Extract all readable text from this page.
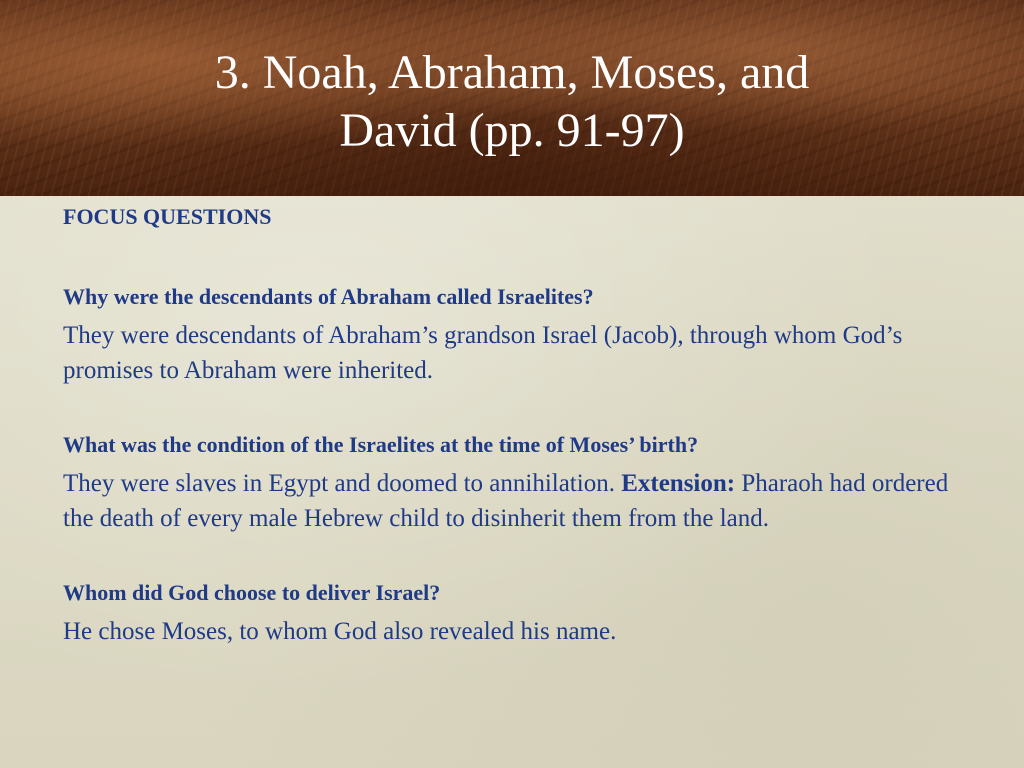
3. Noah, Abraham, Moses, and
David (pp. 91-97)

FOCUS QUESTIONS

Why were the descendants of Abraham called Israelites?

They were descendants of Abraham’s grandson Israel (Jacob), through whom God’s promises to Abraham were inherited.

What was the condition of the Israelites at the time of Moses’ birth?

They were slaves in Egypt and doomed to annihilation. Extension: Pharaoh had ordered the death of every male Hebrew child to disinherit them from the land.

Whom did God choose to deliver Israel?

He chose Moses, to whom God also revealed his name.
